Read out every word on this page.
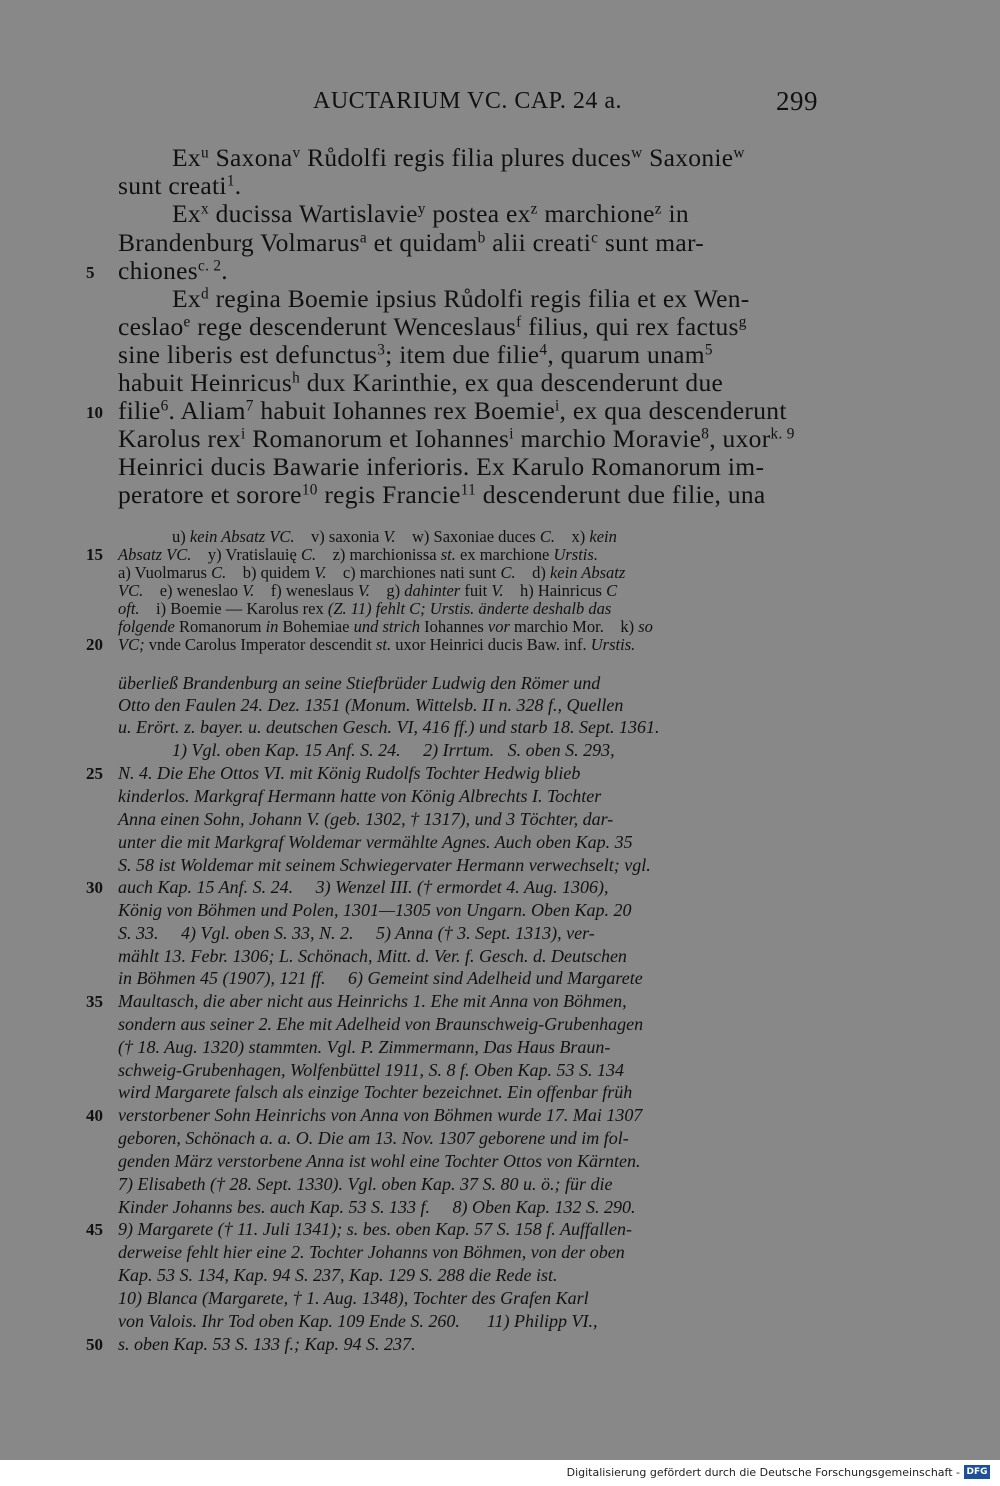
AUCTARIUM VC. CAP. 24 a.	299
Ex$^u$ Saxona$^v$ Růdolfi regis filia plures duces$^w$ Saxonie$^w$
sunt creati$^1$.
Ex$^x$ ducissa Wartislavie$^y$ postea $ex^z$ marchione$^z$ in
Brandenburg Volmarus$^a$ et quidam$^b$ alii creati$^c$ sunt mar-
chiones$^{c. 2}$.
Ex$^d$ regina Boemie ipsius Růdolfi regis filia et ex Wen-
ceslao$^e$ rege descenderunt Wenceslaus$^f$ filius, qui rex factus$^g$
sine liberis est defunctus$^3$; item due filie$^4$, quarum unam$^5$
habuit Heinricus$^h$ dux Karinthie, ex qua descenderunt due
filie$^6$. Aliam$^7$ habuit Iohannes rex Boemie$^i$, ex qua descenderunt
Karolus rex$^i$ Romanorum et Iohannes$^i$ marchio Moravie$^8$, uxor$^{k. 9}$
Heinrici ducis Bawarie inferioris. Ex Karulo Romanorum im-
peratore et sorore$^{10}$ regis Francie$^{11}$ descenderunt due filie, una
u) kein Absatz VC.    v) saxonia V.    w) Saxoniae duces C.    x) kein
Absatz VC.    y) Vratislauię C.    z) marchionissa st. ex marchione Urstis.
a) Vuolmarus C.    b) quidem V.    c) marchiones nati sunt C.    d) kein Absatz
VC.    e) weneslao V.    f) weneslaus V.    g) dahinter fuit V.    h) Hainricus C
oft.    i) Boemie — Karolus rex (Z. 11) fehlt C; Urstis. änderte deshalb das
folgende Romanorum in Bohemiae und strich Iohannes vor marchio Mor.    k) so
VC; vnde Carolus Imperator descendit st. uxor Heinrici ducis Baw. inf. Urstis.
überließ Brandenburg an seine Stiefbrüder Ludwig den Römer und
Otto den Faulen 24. Dez. 1351 (Monum. Wittelsb. II n. 328 f., Quellen
u. Erört. z. bayer. u. deutschen Gesch. VI, 416 ff.) und starb 18. Sept. 1361.
1) Vgl. oben Kap. 15 Anf. S. 24.     2) Irrtum.   S. oben S. 293,
N. 4. Die Ehe Ottos VI. mit König Rudolfs Tochter Hedwig blieb
kinderlos. Markgraf Hermann hatte von König Albrechts I. Tochter
Anna einen Sohn, Johann V. (geb. 1302, † 1317), und 3 Töchter, dar-
unter die mit Markgraf Woldemar vermählte Agnes. Auch oben Kap. 35
S. 58 ist Woldemar mit seinem Schwiegervater Hermann verwechselt; vgl.
auch Kap. 15 Anf. S. 24.     3) Wenzel III. († ermordet 4. Aug. 1306),
König von Böhmen und Polen, 1301—1305 von Ungarn. Oben Kap. 20
S. 33.     4) Vgl. oben S. 33, N. 2.     5) Anna († 3. Sept. 1313), ver-
mählt 13. Febr. 1306; L. Schönach, Mitt. d. Ver. f. Gesch. d. Deutschen
in Böhmen 45 (1907), 121 ff.     6) Gemeint sind Adelheid und Margarete
Maultasch, die aber nicht aus Heinrichs 1. Ehe mit Anna von Böhmen,
sondern aus seiner 2. Ehe mit Adelheid von Braunschweig-Grubenhagen
(† 18. Aug. 1320) stammten. Vgl. P. Zimmermann, Das Haus Braun-
schweig-Grubenhagen, Wolfenbüttel 1911, S. 8 f. Oben Kap. 53 S. 134
wird Margarete falsch als einzige Tochter bezeichnet. Ein offenbar früh
verstorbener Sohn Heinrichs von Anna von Böhmen wurde 17. Mai 1307
geboren, Schönach a. a. O. Die am 13. Nov. 1307 geborene und im fol-
genden März verstorbene Anna ist wohl eine Tochter Ottos von Kärnten.
7) Elisabeth († 28. Sept. 1330). Vgl. oben Kap. 37 S. 80 u. ö.; für die
Kinder Johanns bes. auch Kap. 53 S. 133 f.     8) Oben Kap. 132 S. 290.
9) Margarete († 11. Juli 1341); s. bes. oben Kap. 57 S. 158 f. Auffallen-
derweise fehlt hier eine 2. Tochter Johanns von Böhmen, von der oben
Kap. 53 S. 134, Kap. 94 S. 237, Kap. 129 S. 288 die Rede ist.
10) Blanca (Margarete, † 1. Aug. 1348), Tochter des Grafen Karl
von Valois. Ihr Tod oben Kap. 109 Ende S. 260.      11) Philipp VI.,
s. oben Kap. 53 S. 133 f.; Kap. 94 S. 237.
5
10
15
20
25
30
35
40
45
50
Digitalisierung gefördert durch die Deutsche Forschungsgemeinschaft - DFG
